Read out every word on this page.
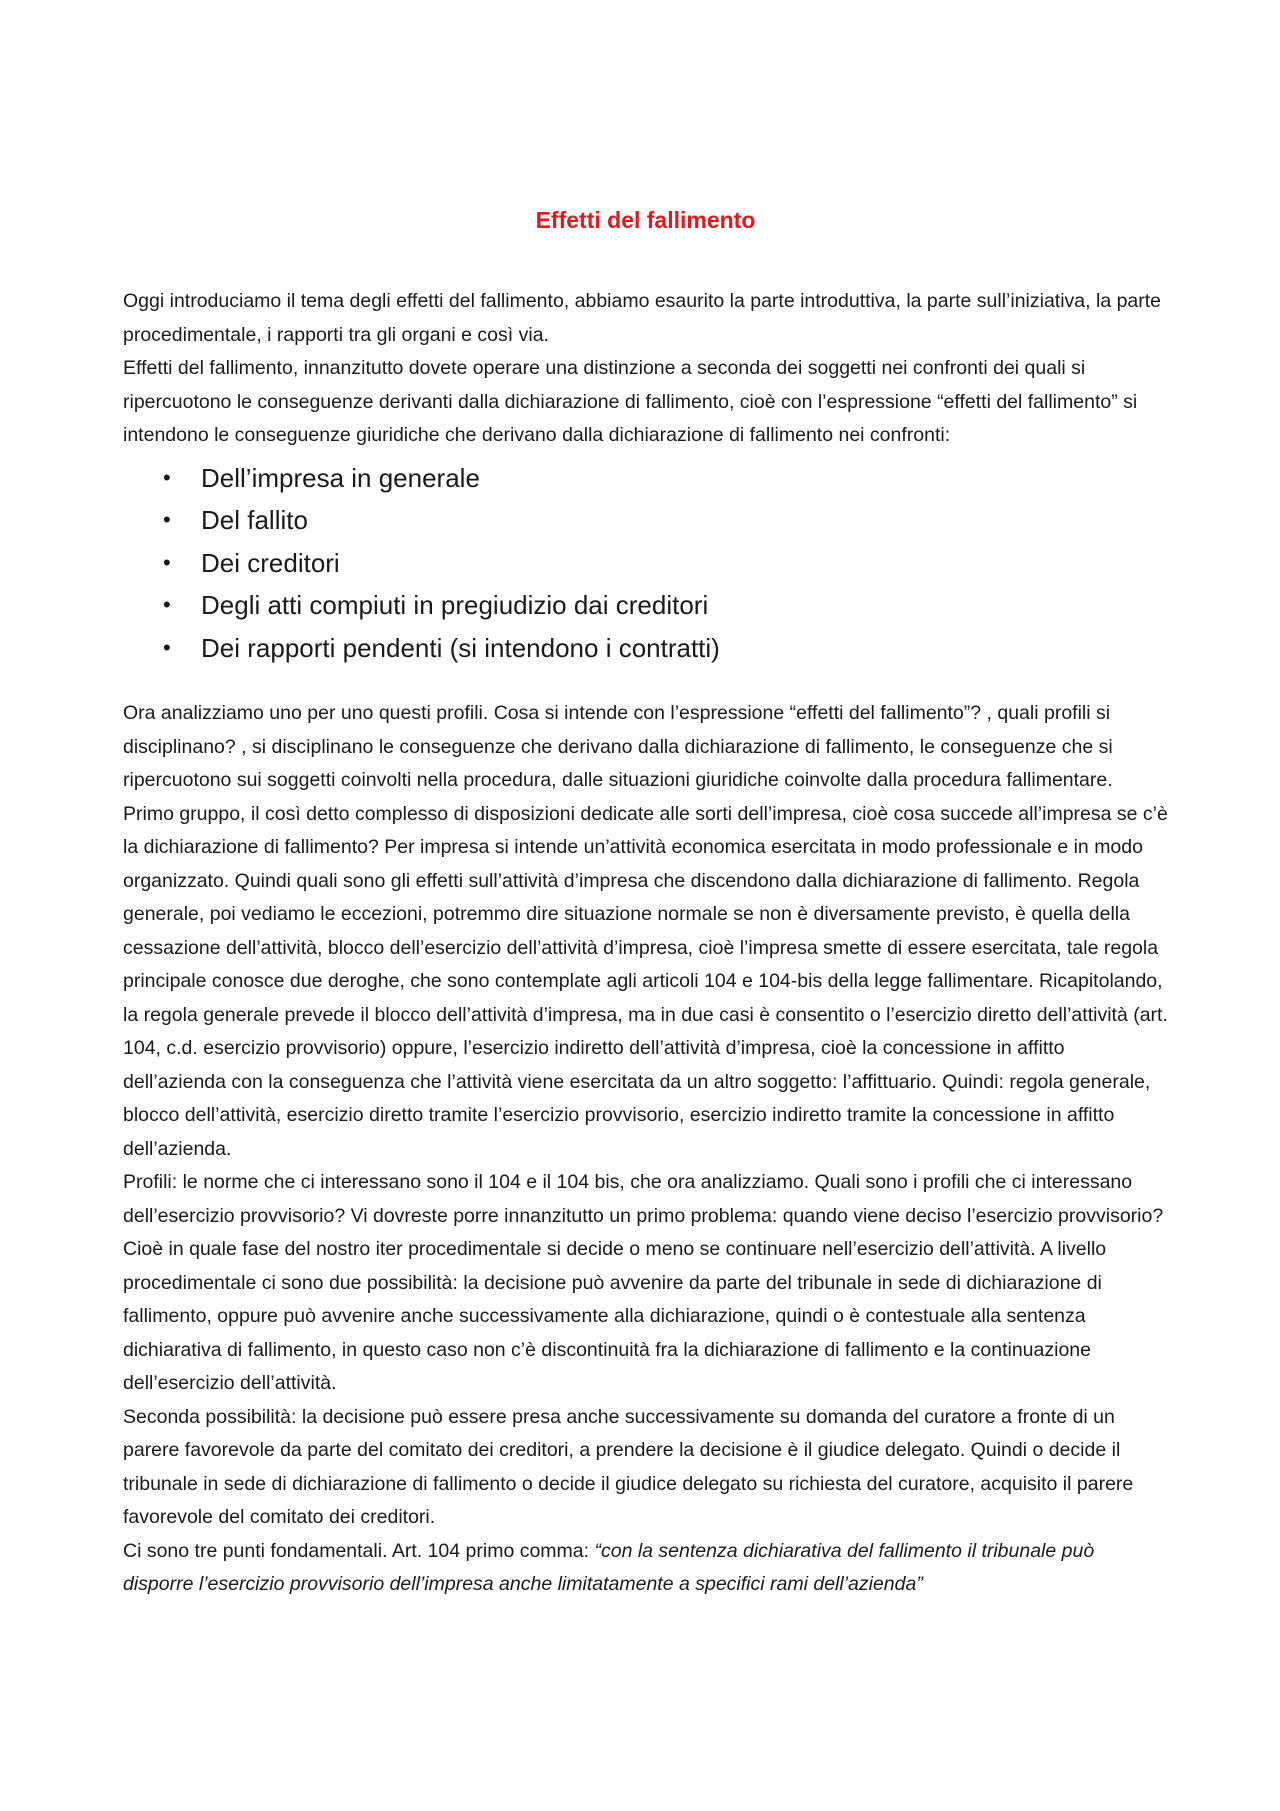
Effetti del fallimento

Oggi introduciamo il tema degli effetti del fallimento, abbiamo esaurito la parte introduttiva, la parte sull’iniziativa, la parte procedimentale, i rapporti tra gli organi e così via.

Effetti del fallimento, innanzitutto dovete operare una distinzione a seconda dei soggetti nei confronti dei quali si ripercuotono le conseguenze derivanti dalla dichiarazione di fallimento, cioè con l’espressione “effetti del fallimento” si intendono le conseguenze giuridiche che derivano dalla dichiarazione di fallimento nei confronti:

• Dell’impresa in generale
• Del fallito
• Dei creditori
• Degli atti compiuti in pregiudizio dai creditori
• Dei rapporti pendenti (si intendono i contratti)

Ora analizziamo uno per uno questi profili. Cosa si intende con l’espressione “effetti del fallimento”? , quali profili si disciplinano? , si disciplinano le conseguenze che derivano dalla dichiarazione di fallimento, le conseguenze che si ripercuotono sui soggetti coinvolti nella procedura, dalle situazioni giuridiche coinvolte dalla procedura fallimentare. Primo gruppo, il così detto complesso di disposizioni dedicate alle sorti dell’impresa, cioè cosa succede all’impresa se c’è la dichiarazione di fallimento? Per impresa si intende un’attività economica esercitata in modo professionale e in modo organizzato. Quindi quali sono gli effetti sull’attività d’impresa che discendono dalla dichiarazione di fallimento. Regola generale, poi vediamo le eccezioni, potremmo dire situazione normale se non è diversamente previsto, è quella della cessazione dell’attività, blocco dell’esercizio dell’attività d’impresa, cioè l’impresa smette di essere esercitata, tale regola principale conosce due deroghe, che sono contemplate agli articoli 104 e 104-bis della legge fallimentare. Ricapitolando, la regola generale prevede il blocco dell’attività d’impresa, ma in due casi è consentito o l’esercizio diretto dell’attività (art. 104, c.d. esercizio provvisorio) oppure, l’esercizio indiretto dell’attività d’impresa, cioè la concessione in affitto dell’azienda con la conseguenza che l’attività viene esercitata da un altro soggetto: l’affittuario. Quindi: regola generale, blocco dell’attività, esercizio diretto tramite l’esercizio provvisorio, esercizio indiretto tramite la concessione in affitto dell’azienda.

Profili: le norme che ci interessano sono il 104 e il 104 bis, che ora analizziamo. Quali sono i profili che ci interessano dell’esercizio provvisorio? Vi dovreste porre innanzitutto un primo problema: quando viene deciso l’esercizio provvisorio? Cioè in quale fase del nostro iter procedimentale si decide o meno se continuare nell’esercizio dell’attività. A livello procedimentale ci sono due possibilità: la decisione può avvenire da parte del tribunale in sede di dichiarazione di fallimento, oppure può avvenire anche successivamente alla dichiarazione, quindi o è contestuale alla sentenza dichiarativa di fallimento, in questo caso non c’è discontinuità fra la dichiarazione di fallimento e la continuazione dell’esercizio dell’attività.

Seconda possibilità: la decisione può essere presa anche successivamente su domanda del curatore a fronte di un parere favorevole da parte del comitato dei creditori, a prendere la decisione è il giudice delegato. Quindi o decide il tribunale in sede di dichiarazione di fallimento o decide il giudice delegato su richiesta del curatore, acquisito il parere favorevole del comitato dei creditori.

Ci sono tre punti fondamentali. Art. 104 primo comma: “con la sentenza dichiarativa del fallimento il tribunale può disporre l’esercizio provvisorio dell’impresa anche limitatamente a specifici rami dell’azienda”
